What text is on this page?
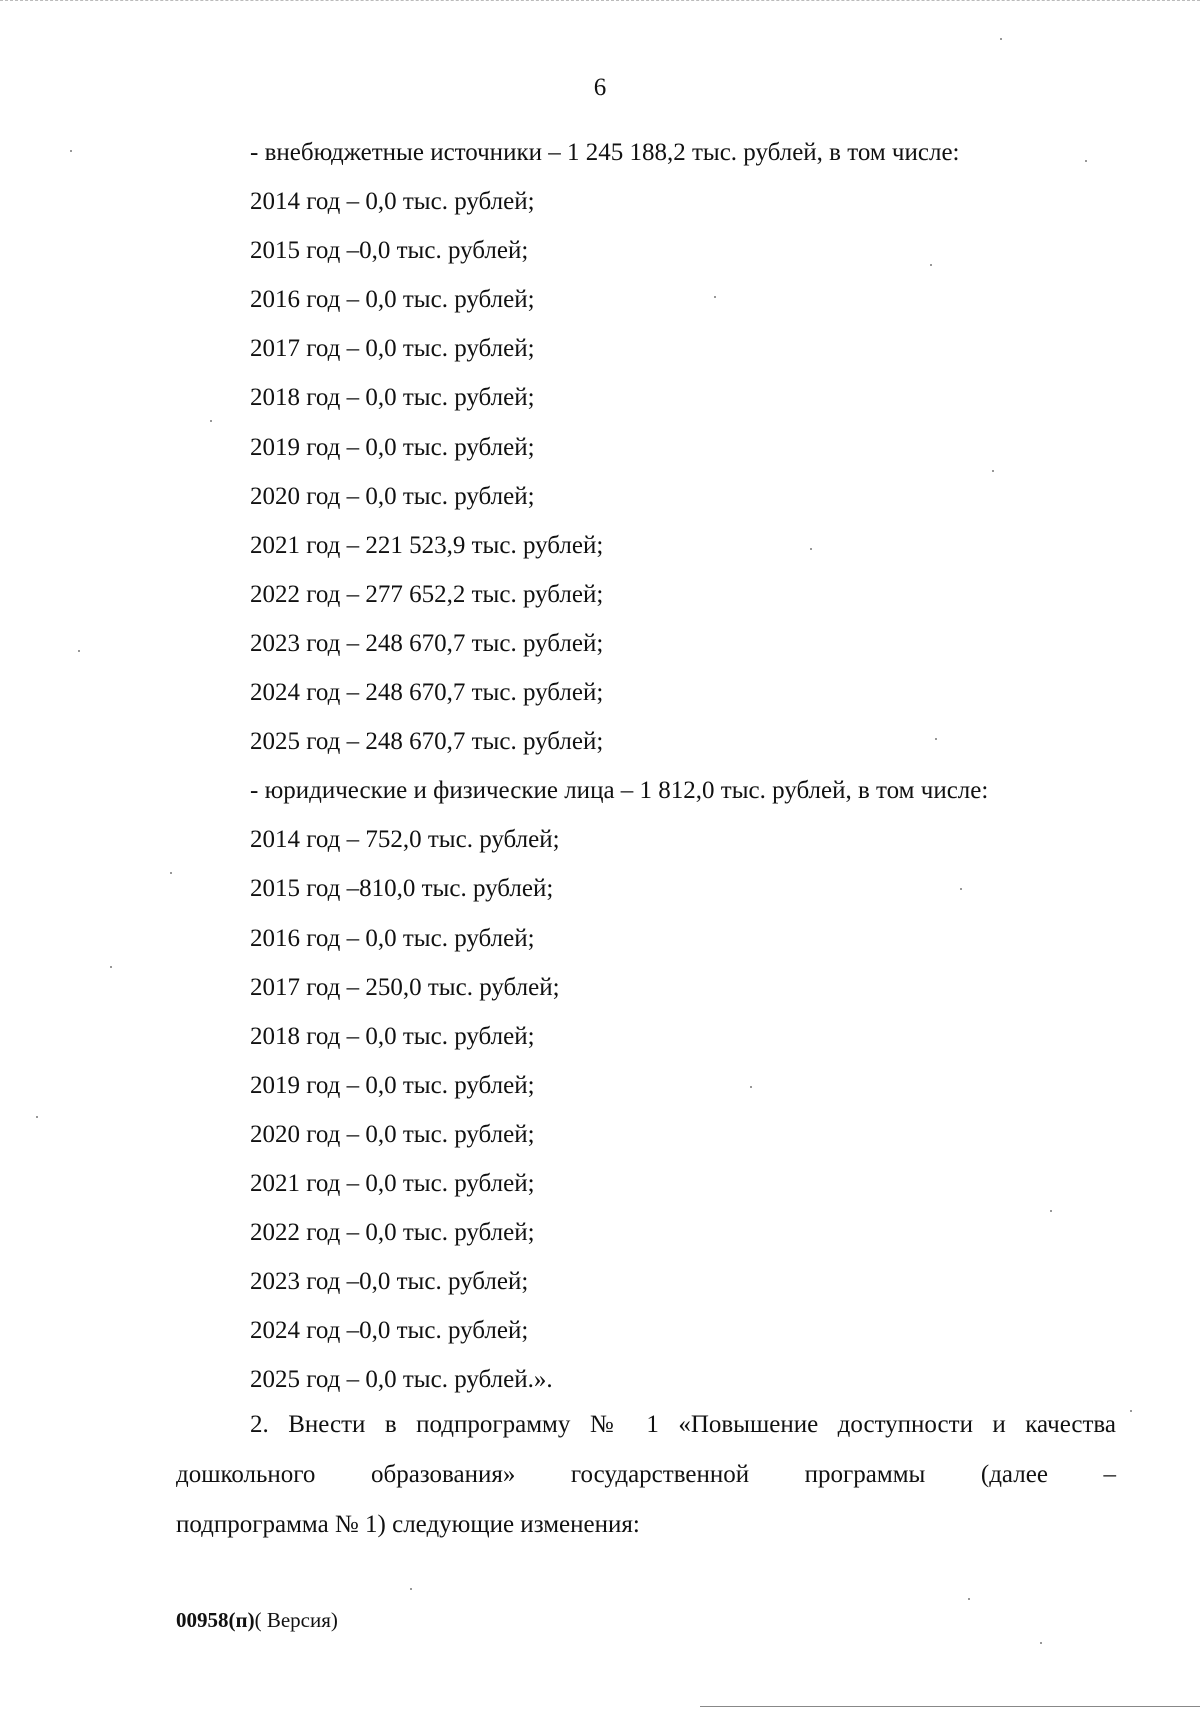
6
- внебюджетные источники – 1 245 188,2 тыс. рублей, в том числе:
2014 год – 0,0 тыс. рублей;
2015 год –0,0 тыс. рублей;
2016 год – 0,0 тыс. рублей;
2017 год – 0,0 тыс. рублей;
2018 год – 0,0 тыс. рублей;
2019 год – 0,0 тыс. рублей;
2020 год – 0,0 тыс. рублей;
2021 год – 221 523,9 тыс. рублей;
2022 год – 277 652,2 тыс. рублей;
2023 год – 248 670,7 тыс. рублей;
2024 год – 248 670,7 тыс. рублей;
2025 год – 248 670,7 тыс. рублей;
- юридические и физические лица – 1 812,0 тыс. рублей, в том числе:
2014 год – 752,0 тыс. рублей;
2015 год –810,0 тыс. рублей;
2016 год – 0,0 тыс. рублей;
2017 год – 250,0 тыс. рублей;
2018 год – 0,0 тыс. рублей;
2019 год – 0,0 тыс. рублей;
2020 год – 0,0 тыс. рублей;
2021 год – 0,0 тыс. рублей;
2022 год – 0,0 тыс. рублей;
2023 год –0,0 тыс. рублей;
2024 год –0,0 тыс. рублей;
2025 год – 0,0 тыс. рублей.».
2. Внести в подпрограмму № 1 «Повышение доступности и качества
дошкольного образования» государственной программы (далее –
подпрограмма № 1) следующие изменения:
00958(п)( Версия)
